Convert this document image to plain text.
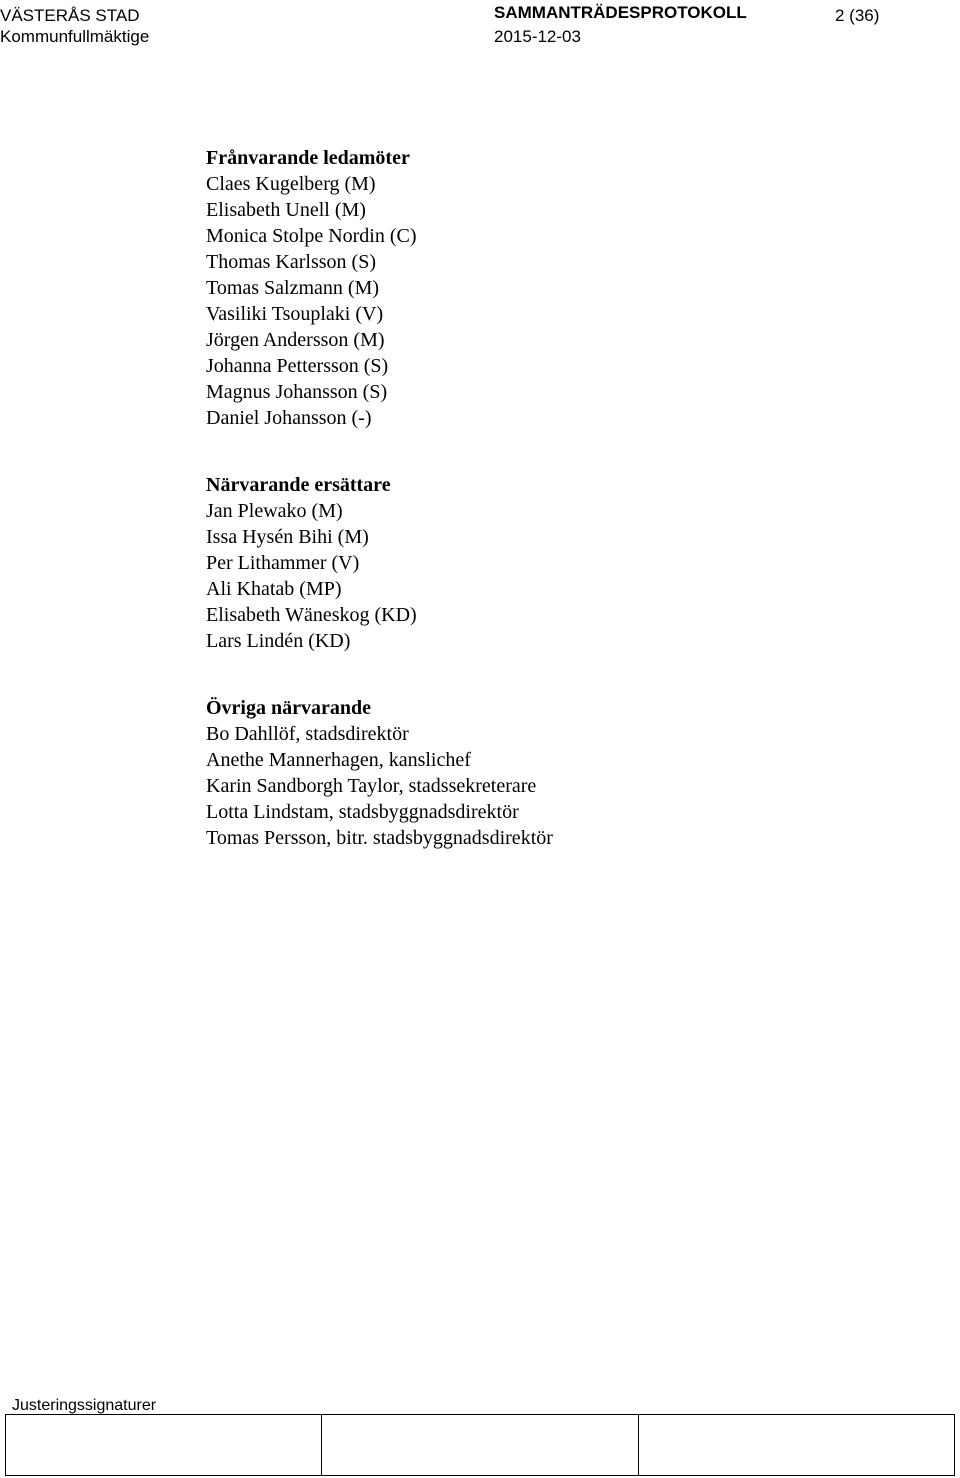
VÄSTERÅS STAD
Kommunfullmäktige
SAMMANTRÄDESPROTOKOLL
2015-12-03
2 (36)
Frånvarande ledamöter
Claes Kugelberg (M)
Elisabeth Unell (M)
Monica Stolpe Nordin (C)
Thomas Karlsson (S)
Tomas Salzmann (M)
Vasiliki Tsouplaki (V)
Jörgen Andersson (M)
Johanna Pettersson (S)
Magnus Johansson (S)
Daniel Johansson (-)
Närvarande ersättare
Jan Plewako (M)
Issa Hysén Bihi (M)
Per Lithammer (V)
Ali Khatab (MP)
Elisabeth Wäneskog (KD)
Lars Lindén (KD)
Övriga närvarande
Bo Dahllöf, stadsdirektör
Anethe Mannerhagen, kanslichef
Karin Sandborgh Taylor, stadssekreterare
Lotta Lindstam, stadsbyggnadsdirektör
Tomas Persson, bitr. stadsbyggnadsdirektör
Justeringssignaturer
